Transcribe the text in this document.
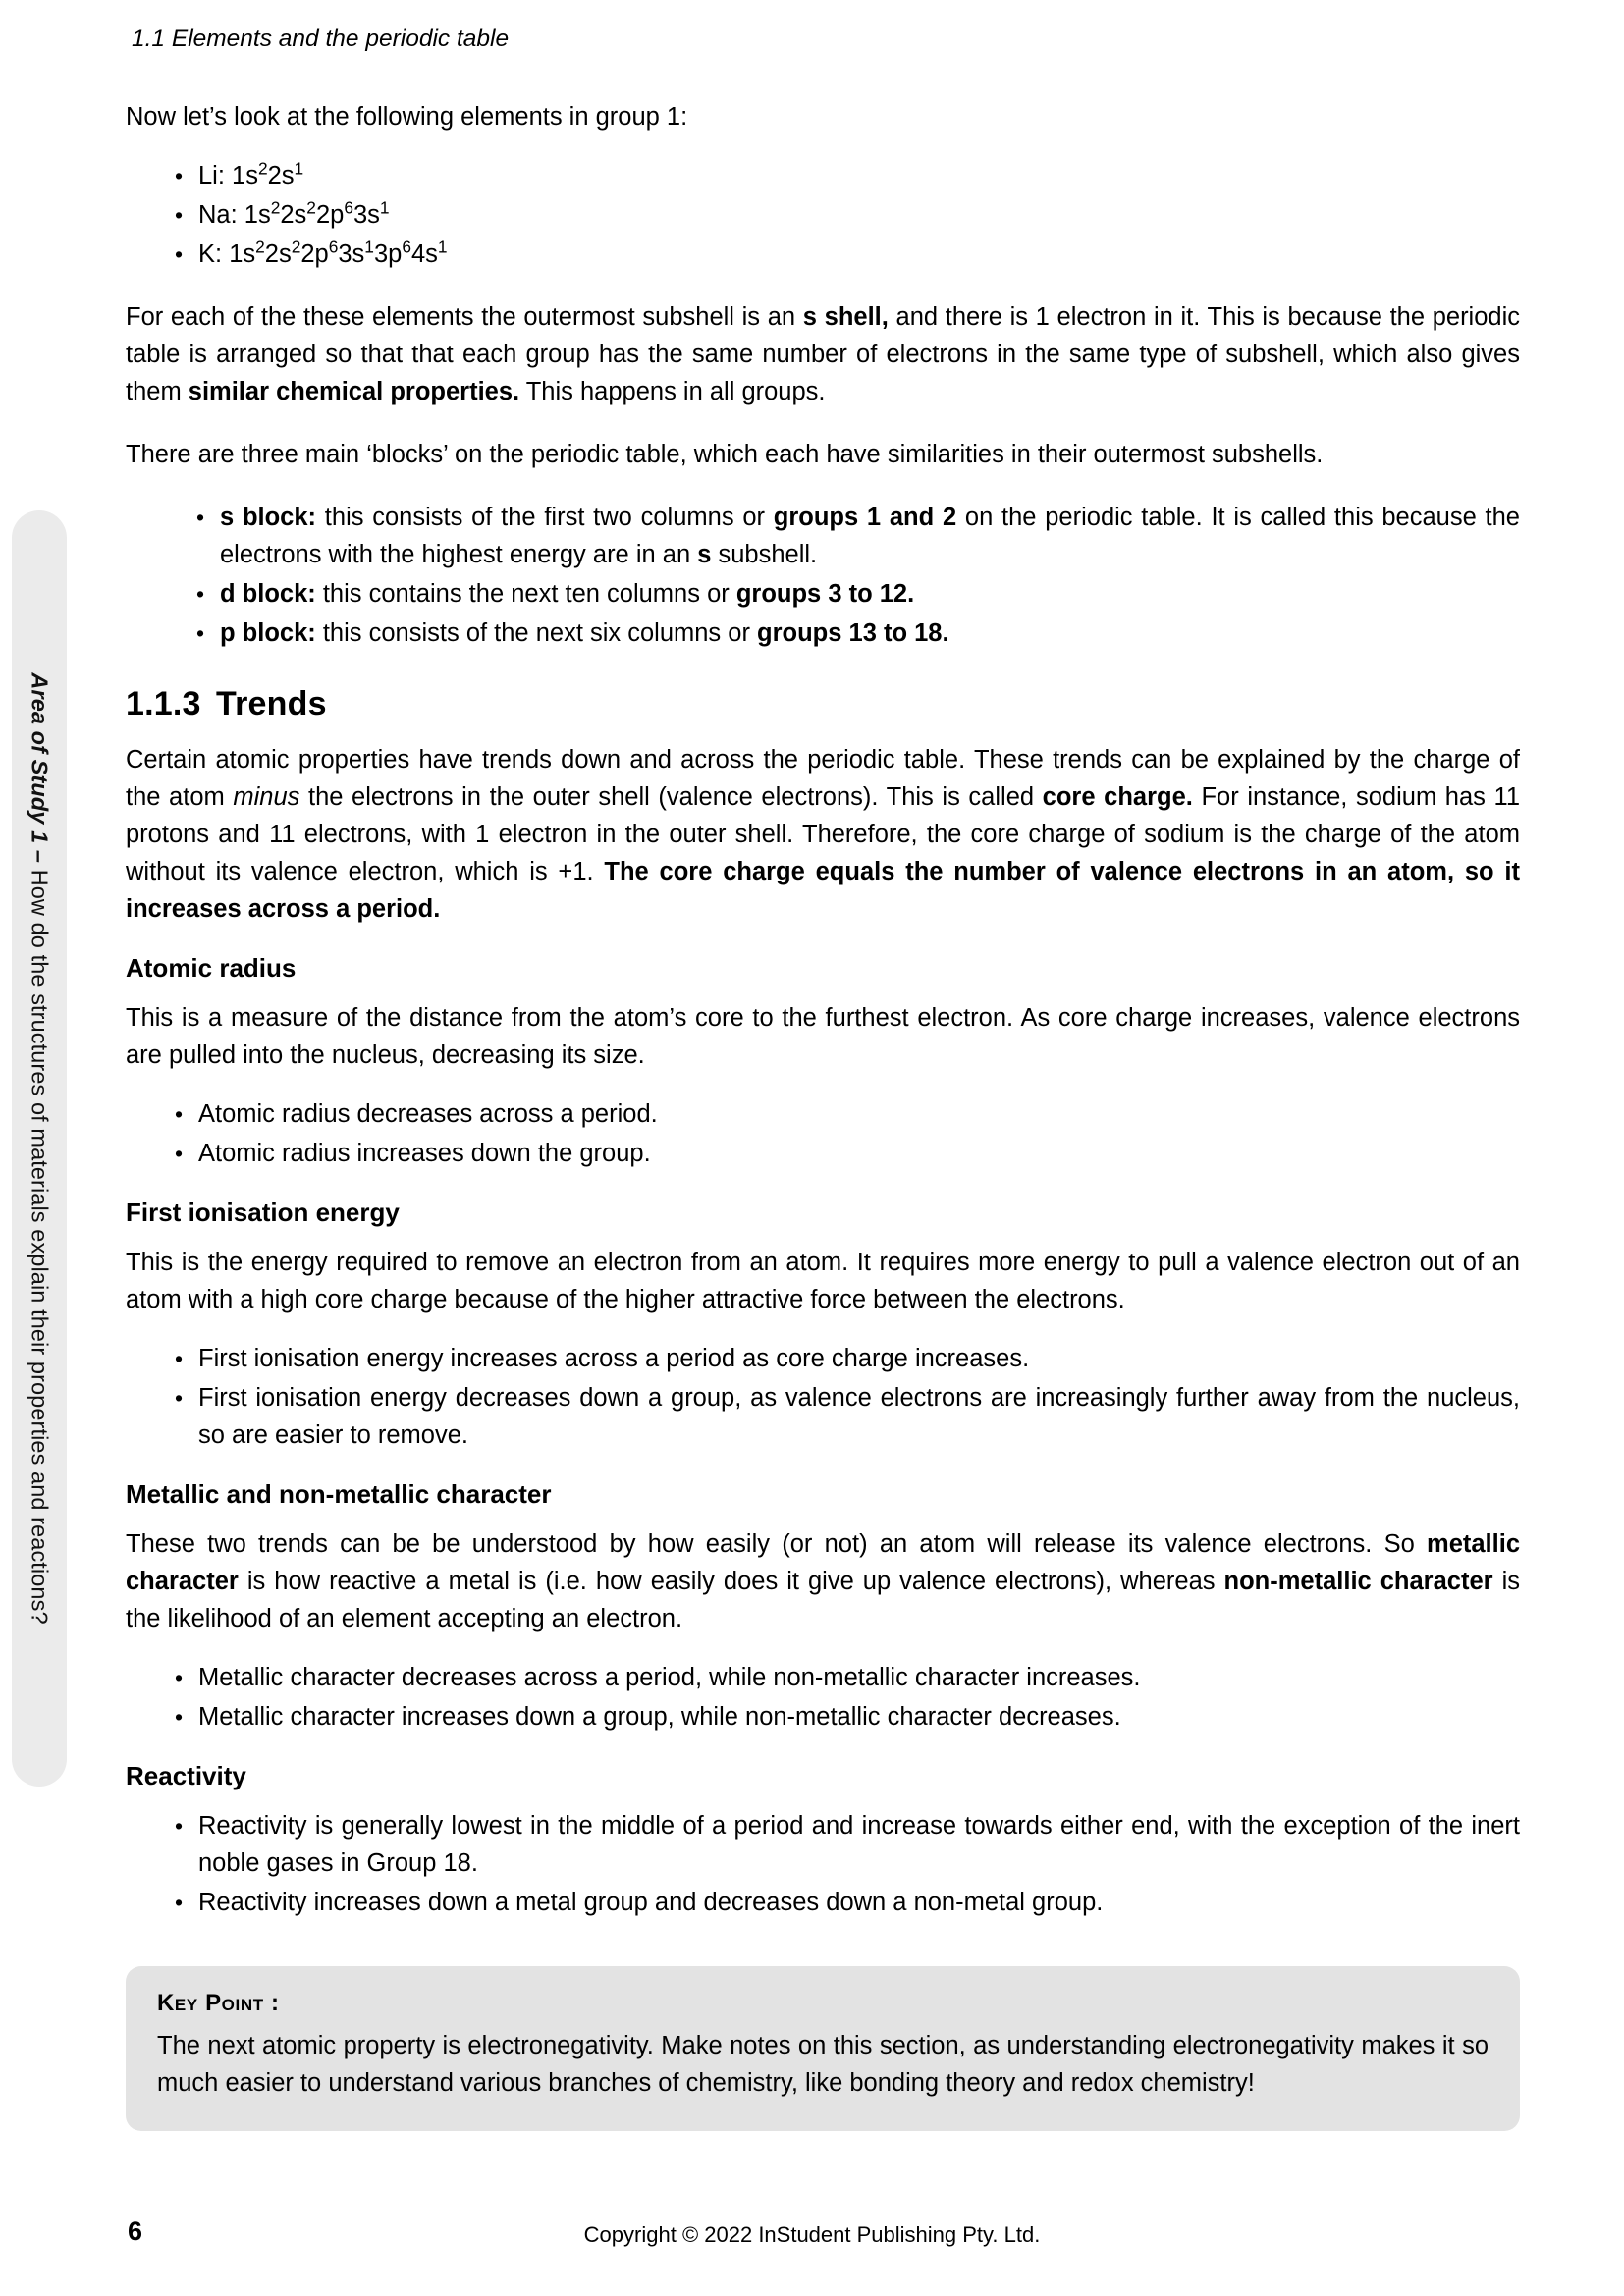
Area of Study 1 – How do the structures of materials explain their properties and reactions?
1.1 Elements and the periodic table

Now let’s look at the following elements in group 1:

• Li: $1s^22s^1$
• Na: $1s^22s^22p^63s^1$
• K: $1s^22s^22p^63s^13p^64s^1$

For each of the these elements the outermost subshell is an s shell, and there is 1 electron in it. This is because the periodic table is arranged so that that each group has the same number of electrons in the same type of subshell, which also gives them similar chemical properties. This happens in all groups.

There are three main ‘blocks’ on the periodic table, which each have similarities in their outermost subshells.

• s block: this consists of the first two columns or groups 1 and 2 on the periodic table. It is called this because the electrons with the highest energy are in an s subshell.
• d block: this contains the next ten columns or groups 3 to 12.
• p block: this consists of the next six columns or groups 13 to 18.
1.1.3 Trends

Certain atomic properties have trends down and across the periodic table. These trends can be explained by the charge of the atom minus the electrons in the outer shell (valence electrons). This is called core charge. For instance, sodium has 11 protons and 11 electrons, with 1 electron in the outer shell. Therefore, the core charge of sodium is the charge of the atom without its valence electron, which is +1. The core charge equals the number of valence electrons in an atom, so it increases across a period.

Atomic radius

This is a measure of the distance from the atom’s core to the furthest electron. As core charge increases, valence electrons are pulled into the nucleus, decreasing its size.

• Atomic radius decreases across a period.
• Atomic radius increases down the group.
First ionisation energy

This is the energy required to remove an electron from an atom. It requires more energy to pull a valence electron out of an atom with a high core charge because of the higher attractive force between the electrons.

• First ionisation energy increases across a period as core charge increases.
• First ionisation energy decreases down a group, as valence electrons are increasingly further away from the nucleus, so are easier to remove.
Metallic and non-metallic character

These two trends can be be understood by how easily (or not) an atom will release its valence electrons. So metallic character is how reactive a metal is (i.e. how easily does it give up valence electrons), whereas non-metallic character is the likelihood of an element accepting an electron.

• Metallic character decreases across a period, while non-metallic character increases.
• Metallic character increases down a group, while non-metallic character decreases.
Reactivity
• Reactivity is generally lowest in the middle of a period and increase towards either end, with the exception of the inert noble gases in Group 18.
• Reactivity increases down a metal group and decreases down a non-metal group.
Key Point :
The next atomic property is electronegativity. Make notes on this section, as understanding electronegativity makes it so much easier to understand various branches of chemistry, like bonding theory and redox chemistry!
6	Copyright © 2022 InStudent Publishing Pty. Ltd.
